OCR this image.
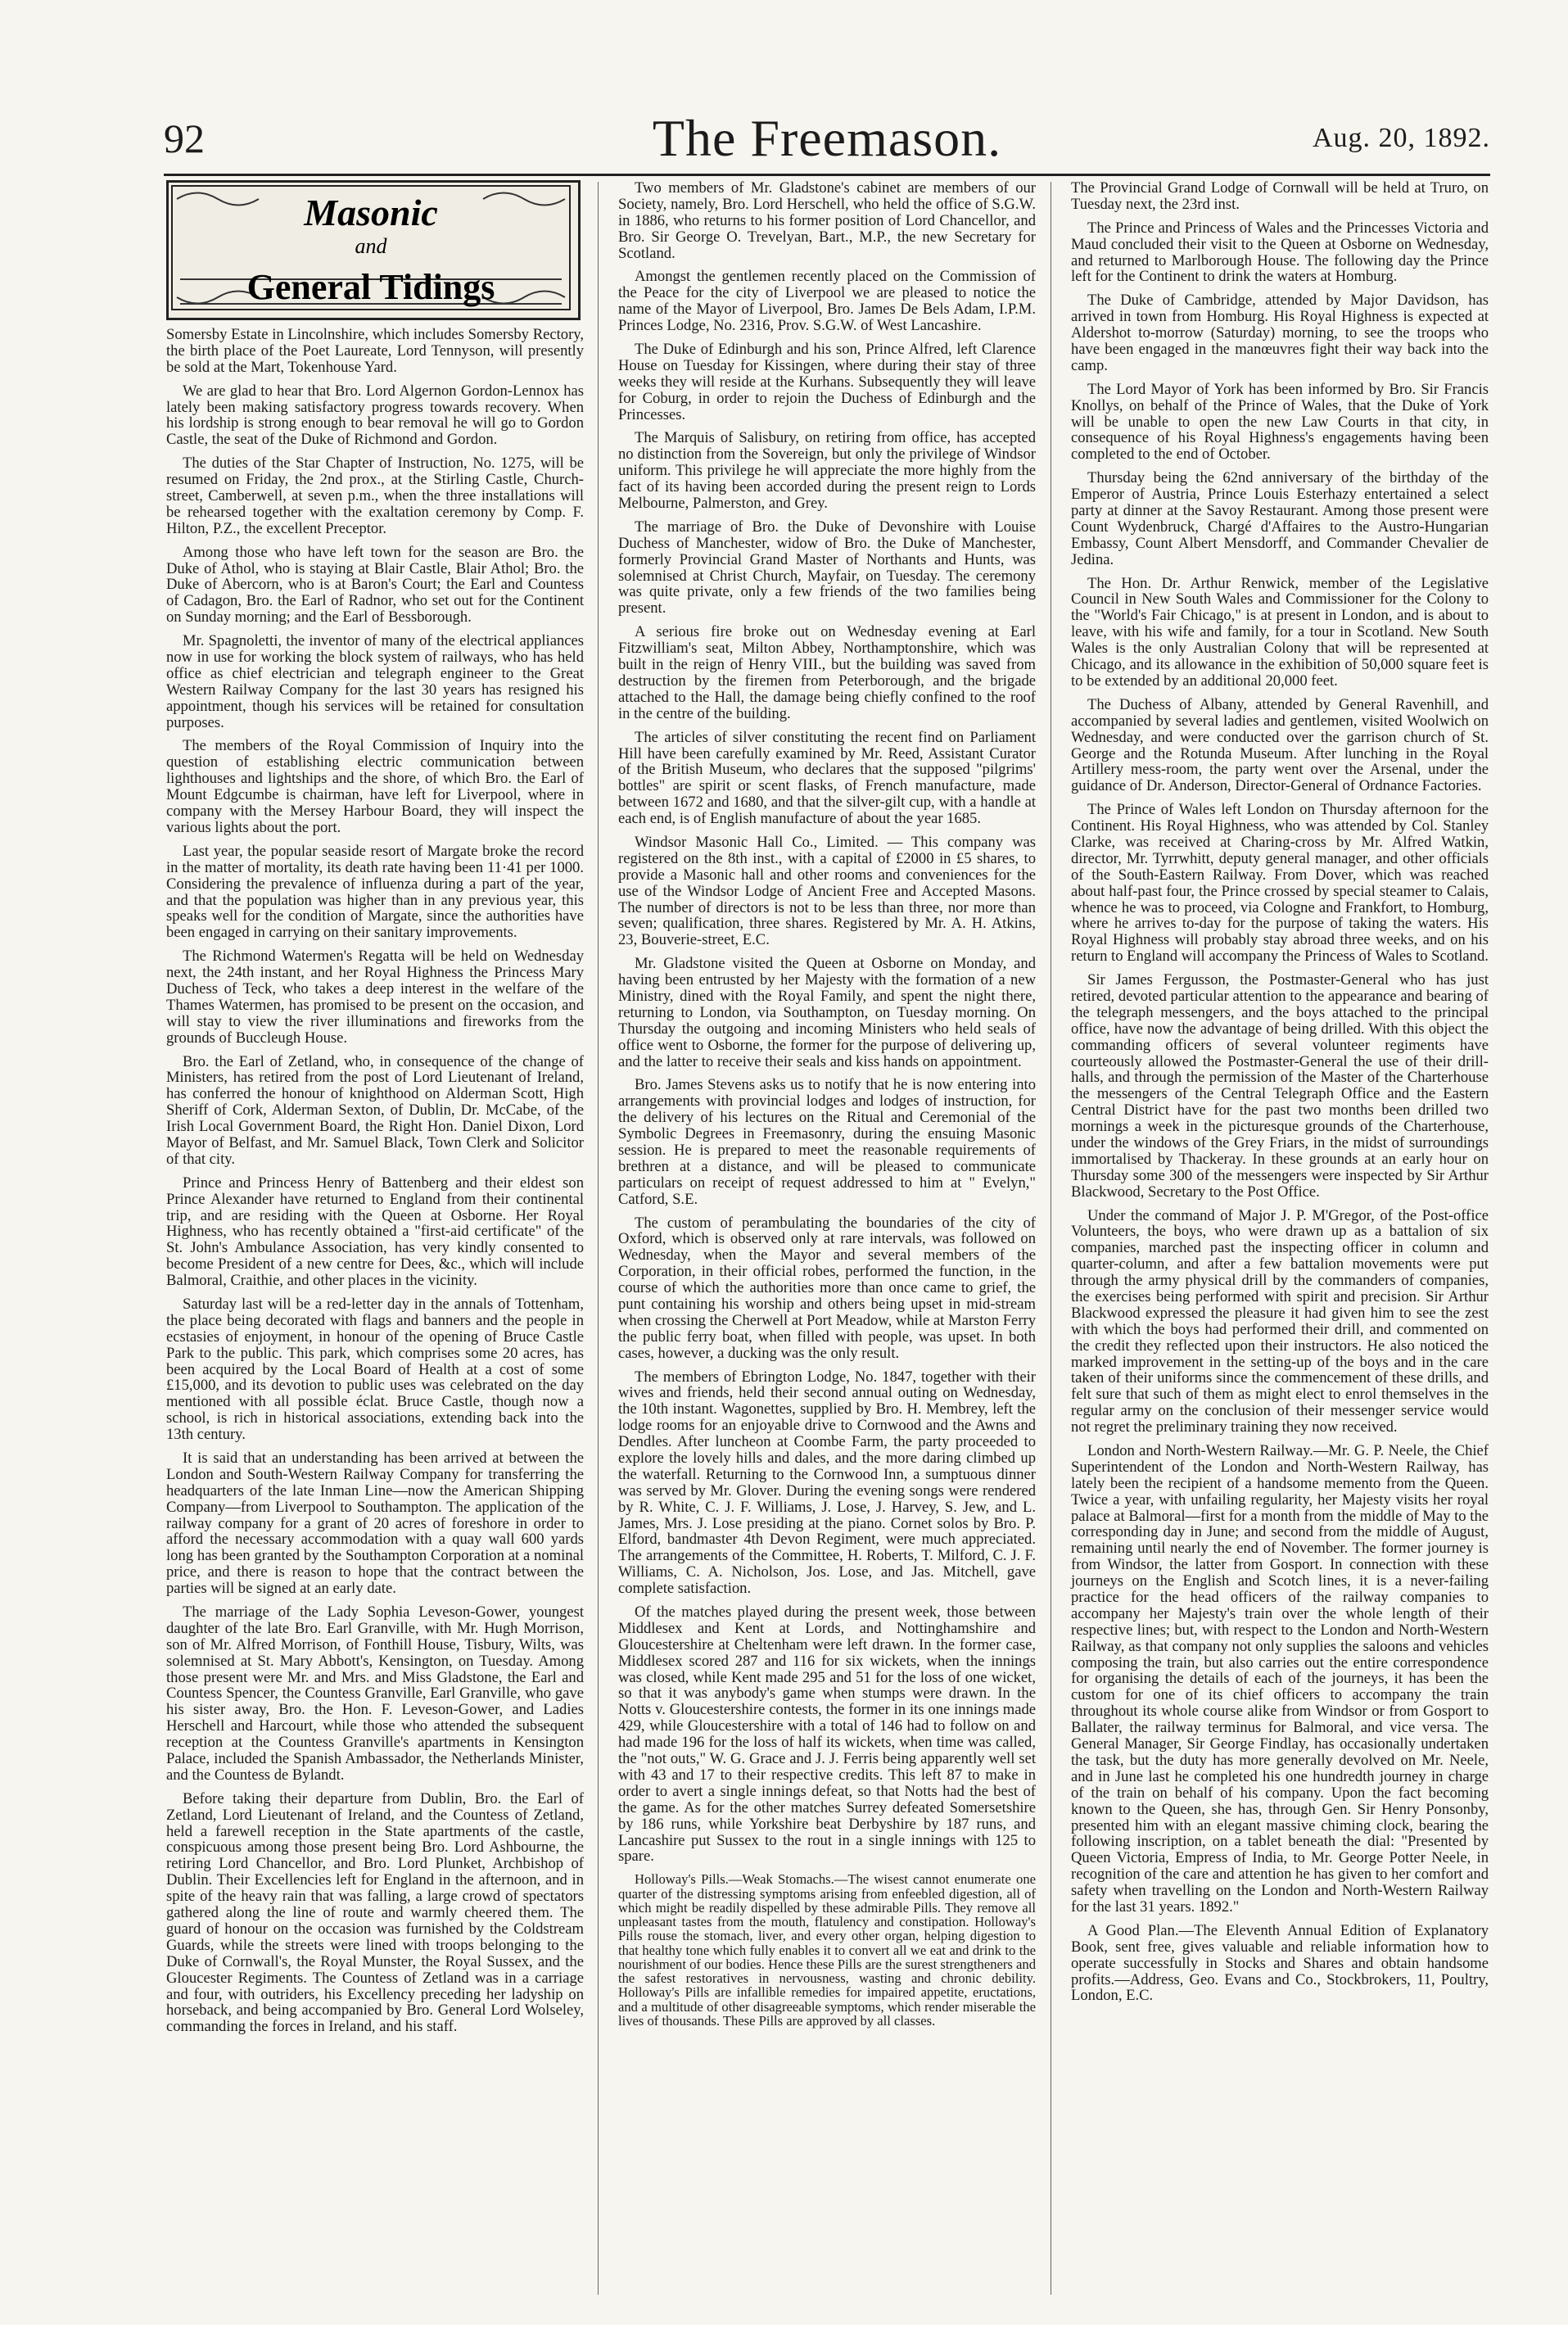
92	The Freemason.	Aug. 20, 1892.
Masonic
and
General Tidings

Somersby Estate in Lincolnshire, which includes Somersby Rectory, the birth place of the Poet Laureate, Lord Tennyson, will presently be sold at the Mart, Tokenhouse Yard.

We are glad to hear that Bro. Lord Algernon Gordon-Lennox has lately been making satisfactory progress towards recovery. When his lordship is strong enough to bear removal he will go to Gordon Castle, the seat of the Duke of Richmond and Gordon.

The duties of the Star Chapter of Instruction, No. 1275, will be resumed on Friday, the 2nd prox., at the Stirling Castle, Church-street, Camberwell, at seven p.m., when the three installations will be rehearsed together with the exaltation ceremony by Comp. F. Hilton, P.Z., the excellent Preceptor.

Among those who have left town for the season are Bro. the Duke of Athol, who is staying at Blair Castle, Blair Athol; Bro. the Duke of Abercorn, who is at Baron's Court; the Earl and Countess of Cadagon, Bro. the Earl of Radnor, who set out for the Continent on Sunday morning; and the Earl of Bessborough.

Mr. Spagnoletti, the inventor of many of the electrical appliances now in use for working the block system of railways, who has held office as chief electrician and telegraph engineer to the Great Western Railway Company for the last 30 years has resigned his appointment, though his services will be retained for consultation purposes.

The members of the Royal Commission of Inquiry into the question of establishing electric communication between lighthouses and lightships and the shore, of which Bro. the Earl of Mount Edgcumbe is chairman, have left for Liverpool, where in company with the Mersey Harbour Board, they will inspect the various lights about the port.

Last year, the popular seaside resort of Margate broke the record in the matter of mortality, its death rate having been 11·41 per 1000. Considering the prevalence of influenza during a part of the year, and that the population was higher than in any previous year, this speaks well for the condition of Margate, since the authorities have been engaged in carrying on their sanitary improvements.

The Richmond Watermen's Regatta will be held on Wednesday next, the 24th instant, and her Royal Highness the Princess Mary Duchess of Teck, who takes a deep interest in the welfare of the Thames Watermen, has promised to be present on the occasion, and will stay to view the river illuminations and fireworks from the grounds of Buccleugh House.

Bro. the Earl of Zetland, who, in consequence of the change of Ministers, has retired from the post of Lord Lieutenant of Ireland, has conferred the honour of knighthood on Alderman Scott, High Sheriff of Cork, Alderman Sexton, of Dublin, Dr. McCabe, of the Irish Local Government Board, the Right Hon. Daniel Dixon, Lord Mayor of Belfast, and Mr. Samuel Black, Town Clerk and Solicitor of that city.

Prince and Princess Henry of Battenberg and their eldest son Prince Alexander have returned to England from their continental trip, and are residing with the Queen at Osborne. Her Royal Highness, who has recently obtained a "first-aid certificate" of the St. John's Ambulance Association, has very kindly consented to become President of a new centre for Dees, &c., which will include Balmoral, Craithie, and other places in the vicinity.

Saturday last will be a red-letter day in the annals of Tottenham, the place being decorated with flags and banners and the people in ecstasies of enjoyment, in honour of the opening of Bruce Castle Park to the public. This park, which comprises some 20 acres, has been acquired by the Local Board of Health at a cost of some £15,000, and its devotion to public uses was celebrated on the day mentioned with all possible éclat. Bruce Castle, though now a school, is rich in historical associations, extending back into the 13th century.

It is said that an understanding has been arrived at between the London and South-Western Railway Company for transferring the headquarters of the late Inman Line—now the American Shipping Company—from Liverpool to Southampton. The application of the railway company for a grant of 20 acres of foreshore in order to afford the necessary accommodation with a quay wall 600 yards long has been granted by the Southampton Corporation at a nominal price, and there is reason to hope that the contract between the parties will be signed at an early date.

The marriage of the Lady Sophia Leveson-Gower, youngest daughter of the late Bro. Earl Granville, with Mr. Hugh Morrison, son of Mr. Alfred Morrison, of Fonthill House, Tisbury, Wilts, was solemnised at St. Mary Abbott's, Kensington, on Tuesday. Among those present were Mr. and Mrs. and Miss Gladstone, the Earl and Countess Spencer, the Countess Granville, Earl Granville, who gave his sister away, Bro. the Hon. F. Leveson-Gower, and Ladies Herschell and Harcourt, while those who attended the subsequent reception at the Countess Granville's apartments in Kensington Palace, included the Spanish Ambassador, the Netherlands Minister, and the Countess de Bylandt.

Before taking their departure from Dublin, Bro. the Earl of Zetland, Lord Lieutenant of Ireland, and the Countess of Zetland, held a farewell reception in the State apartments of the castle, conspicuous among those present being Bro. Lord Ashbourne, the retiring Lord Chancellor, and Bro. Lord Plunket, Archbishop of Dublin. Their Excellencies left for England in the afternoon, and in spite of the heavy rain that was falling, a large crowd of spectators gathered along the line of route and warmly cheered them. The guard of honour on the occasion was furnished by the Coldstream Guards, while the streets were lined with troops belonging to the Duke of Cornwall's, the Royal Munster, the Royal Sussex, and the Gloucester Regiments. The Countess of Zetland was in a carriage and four, with outriders, his Excellency preceding her ladyship on horseback, and being accompanied by Bro. General Lord Wolseley, commanding the forces in Ireland, and his staff.

Two members of Mr. Gladstone's cabinet are members of our Society, namely, Bro. Lord Herschell, who held the office of S.G.W. in 1886, who returns to his former position of Lord Chancellor, and Bro. Sir George O. Trevelyan, Bart., M.P., the new Secretary for Scotland.

Amongst the gentlemen recently placed on the Commission of the Peace for the city of Liverpool we are pleased to notice the name of the Mayor of Liverpool, Bro. James De Bels Adam, I.P.M. Princes Lodge, No. 2316, Prov. S.G.W. of West Lancashire.

The Duke of Edinburgh and his son, Prince Alfred, left Clarence House on Tuesday for Kissingen, where during their stay of three weeks they will reside at the Kurhans. Subsequently they will leave for Coburg, in order to rejoin the Duchess of Edinburgh and the Princesses.

The Marquis of Salisbury, on retiring from office, has accepted no distinction from the Sovereign, but only the privilege of Windsor uniform. This privilege he will appreciate the more highly from the fact of its having been accorded during the present reign to Lords Melbourne, Palmerston, and Grey.

The marriage of Bro. the Duke of Devonshire with Louise Duchess of Manchester, widow of Bro. the Duke of Manchester, formerly Provincial Grand Master of Northants and Hunts, was solemnised at Christ Church, Mayfair, on Tuesday. The ceremony was quite private, only a few friends of the two families being present.

A serious fire broke out on Wednesday evening at Earl Fitzwilliam's seat, Milton Abbey, Northamptonshire, which was built in the reign of Henry VIII., but the building was saved from destruction by the firemen from Peterborough, and the brigade attached to the Hall, the damage being chiefly confined to the roof in the centre of the building.

The articles of silver constituting the recent find on Parliament Hill have been carefully examined by Mr. Reed, Assistant Curator of the British Museum, who declares that the supposed "pilgrims' bottles" are spirit or scent flasks, of French manufacture, made between 1672 and 1680, and that the silver-gilt cup, with a handle at each end, is of English manufacture of about the year 1685.

Windsor Masonic Hall Co., Limited. — This company was registered on the 8th inst., with a capital of £2000 in £5 shares, to provide a Masonic hall and other rooms and conveniences for the use of the Windsor Lodge of Ancient Free and Accepted Masons. The number of directors is not to be less than three, nor more than seven; qualification, three shares. Registered by Mr. A. H. Atkins, 23, Bouverie-street, E.C.

Mr. Gladstone visited the Queen at Osborne on Monday, and having been entrusted by her Majesty with the formation of a new Ministry, dined with the Royal Family, and spent the night there, returning to London, via Southampton, on Tuesday morning. On Thursday the outgoing and incoming Ministers who held seals of office went to Osborne, the former for the purpose of delivering up, and the latter to receive their seals and kiss hands on appointment.

Bro. James Stevens asks us to notify that he is now entering into arrangements with provincial lodges and lodges of instruction, for the delivery of his lectures on the Ritual and Ceremonial of the Symbolic Degrees in Freemasonry, during the ensuing Masonic session. He is prepared to meet the reasonable requirements of brethren at a distance, and will be pleased to communicate particulars on receipt of request addressed to him at " Evelyn," Catford, S.E.

The custom of perambulating the boundaries of the city of Oxford, which is observed only at rare intervals, was followed on Wednesday, when the Mayor and several members of the Corporation, in their official robes, performed the function, in the course of which the authorities more than once came to grief, the punt containing his worship and others being upset in mid-stream when crossing the Cherwell at Port Meadow, while at Marston Ferry the public ferry boat, when filled with people, was upset. In both cases, however, a ducking was the only result.

The members of Ebrington Lodge, No. 1847, together with their wives and friends, held their second annual outing on Wednesday, the 10th instant. Wagonettes, supplied by Bro. H. Membrey, left the lodge rooms for an enjoyable drive to Cornwood and the Awns and Dendles. After luncheon at Coombe Farm, the party proceeded to explore the lovely hills and dales, and the more daring climbed up the waterfall. Returning to the Cornwood Inn, a sumptuous dinner was served by Mr. Glover. During the evening songs were rendered by R. White, C. J. F. Williams, J. Lose, J. Harvey, S. Jew, and L. James, Mrs. J. Lose presiding at the piano. Cornet solos by Bro. P. Elford, bandmaster 4th Devon Regiment, were much appreciated. The arrangements of the Committee, H. Roberts, T. Milford, C. J. F. Williams, C. A. Nicholson, Jos. Lose, and Jas. Mitchell, gave complete satisfaction.

Of the matches played during the present week, those between Middlesex and Kent at Lords, and Nottinghamshire and Gloucestershire at Cheltenham were left drawn. In the former case, Middlesex scored 287 and 116 for six wickets, when the innings was closed, while Kent made 295 and 51 for the loss of one wicket, so that it was anybody's game when stumps were drawn. In the Notts v. Gloucestershire contests, the former in its one innings made 429, while Gloucestershire with a total of 146 had to follow on and had made 196 for the loss of half its wickets, when time was called, the "not outs," W. G. Grace and J. J. Ferris being apparently well set with 43 and 17 to their respective credits. This left 87 to make in order to avert a single innings defeat, so that Notts had the best of the game. As for the other matches Surrey defeated Somersetshire by 186 runs, while Yorkshire beat Derbyshire by 187 runs, and Lancashire put Sussex to the rout in a single innings with 125 to spare.

Holloway's Pills.—Weak Stomachs.—The wisest cannot enumerate one quarter of the distressing symptoms arising from enfeebled digestion, all of which might be readily dispelled by these admirable Pills. They remove all unpleasant tastes from the mouth, flatulency and constipation. Holloway's Pills rouse the stomach, liver, and every other organ, helping digestion to that healthy tone which fully enables it to convert all we eat and drink to the nourishment of our bodies. Hence these Pills are the surest strengtheners and the safest restoratives in nervousness, wasting and chronic debility. Holloway's Pills are infallible remedies for impaired appetite, eructations, and a multitude of other disagreeable symptoms, which render miserable the lives of thousands. These Pills are approved by all classes.

The Provincial Grand Lodge of Cornwall will be held at Truro, on Tuesday next, the 23rd inst.

The Prince and Princess of Wales and the Princesses Victoria and Maud concluded their visit to the Queen at Osborne on Wednesday, and returned to Marlborough House. The following day the Prince left for the Continent to drink the waters at Homburg.

The Duke of Cambridge, attended by Major Davidson, has arrived in town from Homburg. His Royal Highness is expected at Aldershot to-morrow (Saturday) morning, to see the troops who have been engaged in the manœuvres fight their way back into the camp.

The Lord Mayor of York has been informed by Bro. Sir Francis Knollys, on behalf of the Prince of Wales, that the Duke of York will be unable to open the new Law Courts in that city, in consequence of his Royal Highness's engagements having been completed to the end of October.

Thursday being the 62nd anniversary of the birthday of the Emperor of Austria, Prince Louis Esterhazy entertained a select party at dinner at the Savoy Restaurant. Among those present were Count Wydenbruck, Chargé d'Affaires to the Austro-Hungarian Embassy, Count Albert Mensdorff, and Commander Chevalier de Jedina.

The Hon. Dr. Arthur Renwick, member of the Legislative Council in New South Wales and Commissioner for the Colony to the "World's Fair Chicago," is at present in London, and is about to leave, with his wife and family, for a tour in Scotland. New South Wales is the only Australian Colony that will be represented at Chicago, and its allowance in the exhibition of 50,000 square feet is to be extended by an additional 20,000 feet.

The Duchess of Albany, attended by General Ravenhill, and accompanied by several ladies and gentlemen, visited Woolwich on Wednesday, and were conducted over the garrison church of St. George and the Rotunda Museum. After lunching in the Royal Artillery mess-room, the party went over the Arsenal, under the guidance of Dr. Anderson, Director-General of Ordnance Factories.

The Prince of Wales left London on Thursday afternoon for the Continent. His Royal Highness, who was attended by Col. Stanley Clarke, was received at Charing-cross by Mr. Alfred Watkin, director, Mr. Tyrrwhitt, deputy general manager, and other officials of the South-Eastern Railway. From Dover, which was reached about half-past four, the Prince crossed by special steamer to Calais, whence he was to proceed, via Cologne and Frankfort, to Homburg, where he arrives to-day for the purpose of taking the waters. His Royal Highness will probably stay abroad three weeks, and on his return to England will accompany the Princess of Wales to Scotland.

Sir James Fergusson, the Postmaster-General who has just retired, devoted particular attention to the appearance and bearing of the telegraph messengers, and the boys attached to the principal office, have now the advantage of being drilled. With this object the commanding officers of several volunteer regiments have courteously allowed the Postmaster-General the use of their drill-halls, and through the permission of the Master of the Charterhouse the messengers of the Central Telegraph Office and the Eastern Central District have for the past two months been drilled two mornings a week in the picturesque grounds of the Charterhouse, under the windows of the Grey Friars, in the midst of surroundings immortalised by Thackeray. In these grounds at an early hour on Thursday some 300 of the messengers were inspected by Sir Arthur Blackwood, Secretary to the Post Office.

Under the command of Major J. P. M'Gregor, of the Post-office Volunteers, the boys, who were drawn up as a battalion of six companies, marched past the inspecting officer in column and quarter-column, and after a few battalion movements were put through the army physical drill by the commanders of companies, the exercises being performed with spirit and precision. Sir Arthur Blackwood expressed the pleasure it had given him to see the zest with which the boys had performed their drill, and commented on the credit they reflected upon their instructors. He also noticed the marked improvement in the setting-up of the boys and in the care taken of their uniforms since the commencement of these drills, and felt sure that such of them as might elect to enrol themselves in the regular army on the conclusion of their messenger service would not regret the preliminary training they now received.

London and North-Western Railway.—Mr. G. P. Neele, the Chief Superintendent of the London and North-Western Railway, has lately been the recipient of a handsome memento from the Queen. Twice a year, with unfailing regularity, her Majesty visits her royal palace at Balmoral—first for a month from the middle of May to the corresponding day in June; and second from the middle of August, remaining until nearly the end of November. The former journey is from Windsor, the latter from Gosport. In connection with these journeys on the English and Scotch lines, it is a never-failing practice for the head officers of the railway companies to accompany her Majesty's train over the whole length of their respective lines; but, with respect to the London and North-Western Railway, as that company not only supplies the saloons and vehicles composing the train, but also carries out the entire correspondence for organising the details of each of the journeys, it has been the custom for one of its chief officers to accompany the train throughout its whole course alike from Windsor or from Gosport to Ballater, the railway terminus for Balmoral, and vice versa. The General Manager, Sir George Findlay, has occasionally undertaken the task, but the duty has more generally devolved on Mr. Neele, and in June last he completed his one hundredth journey in charge of the train on behalf of his company. Upon the fact becoming known to the Queen, she has, through Gen. Sir Henry Ponsonby, presented him with an elegant massive chiming clock, bearing the following inscription, on a tablet beneath the dial: "Presented by Queen Victoria, Empress of India, to Mr. George Potter Neele, in recognition of the care and attention he has given to her comfort and safety when travelling on the London and North-Western Railway for the last 31 years. 1892."

A Good Plan.—The Eleventh Annual Edition of Explanatory Book, sent free, gives valuable and reliable information how to operate successfully in Stocks and Shares and obtain handsome profits.—Address, Geo. Evans and Co., Stockbrokers, 11, Poultry, London, E.C.
